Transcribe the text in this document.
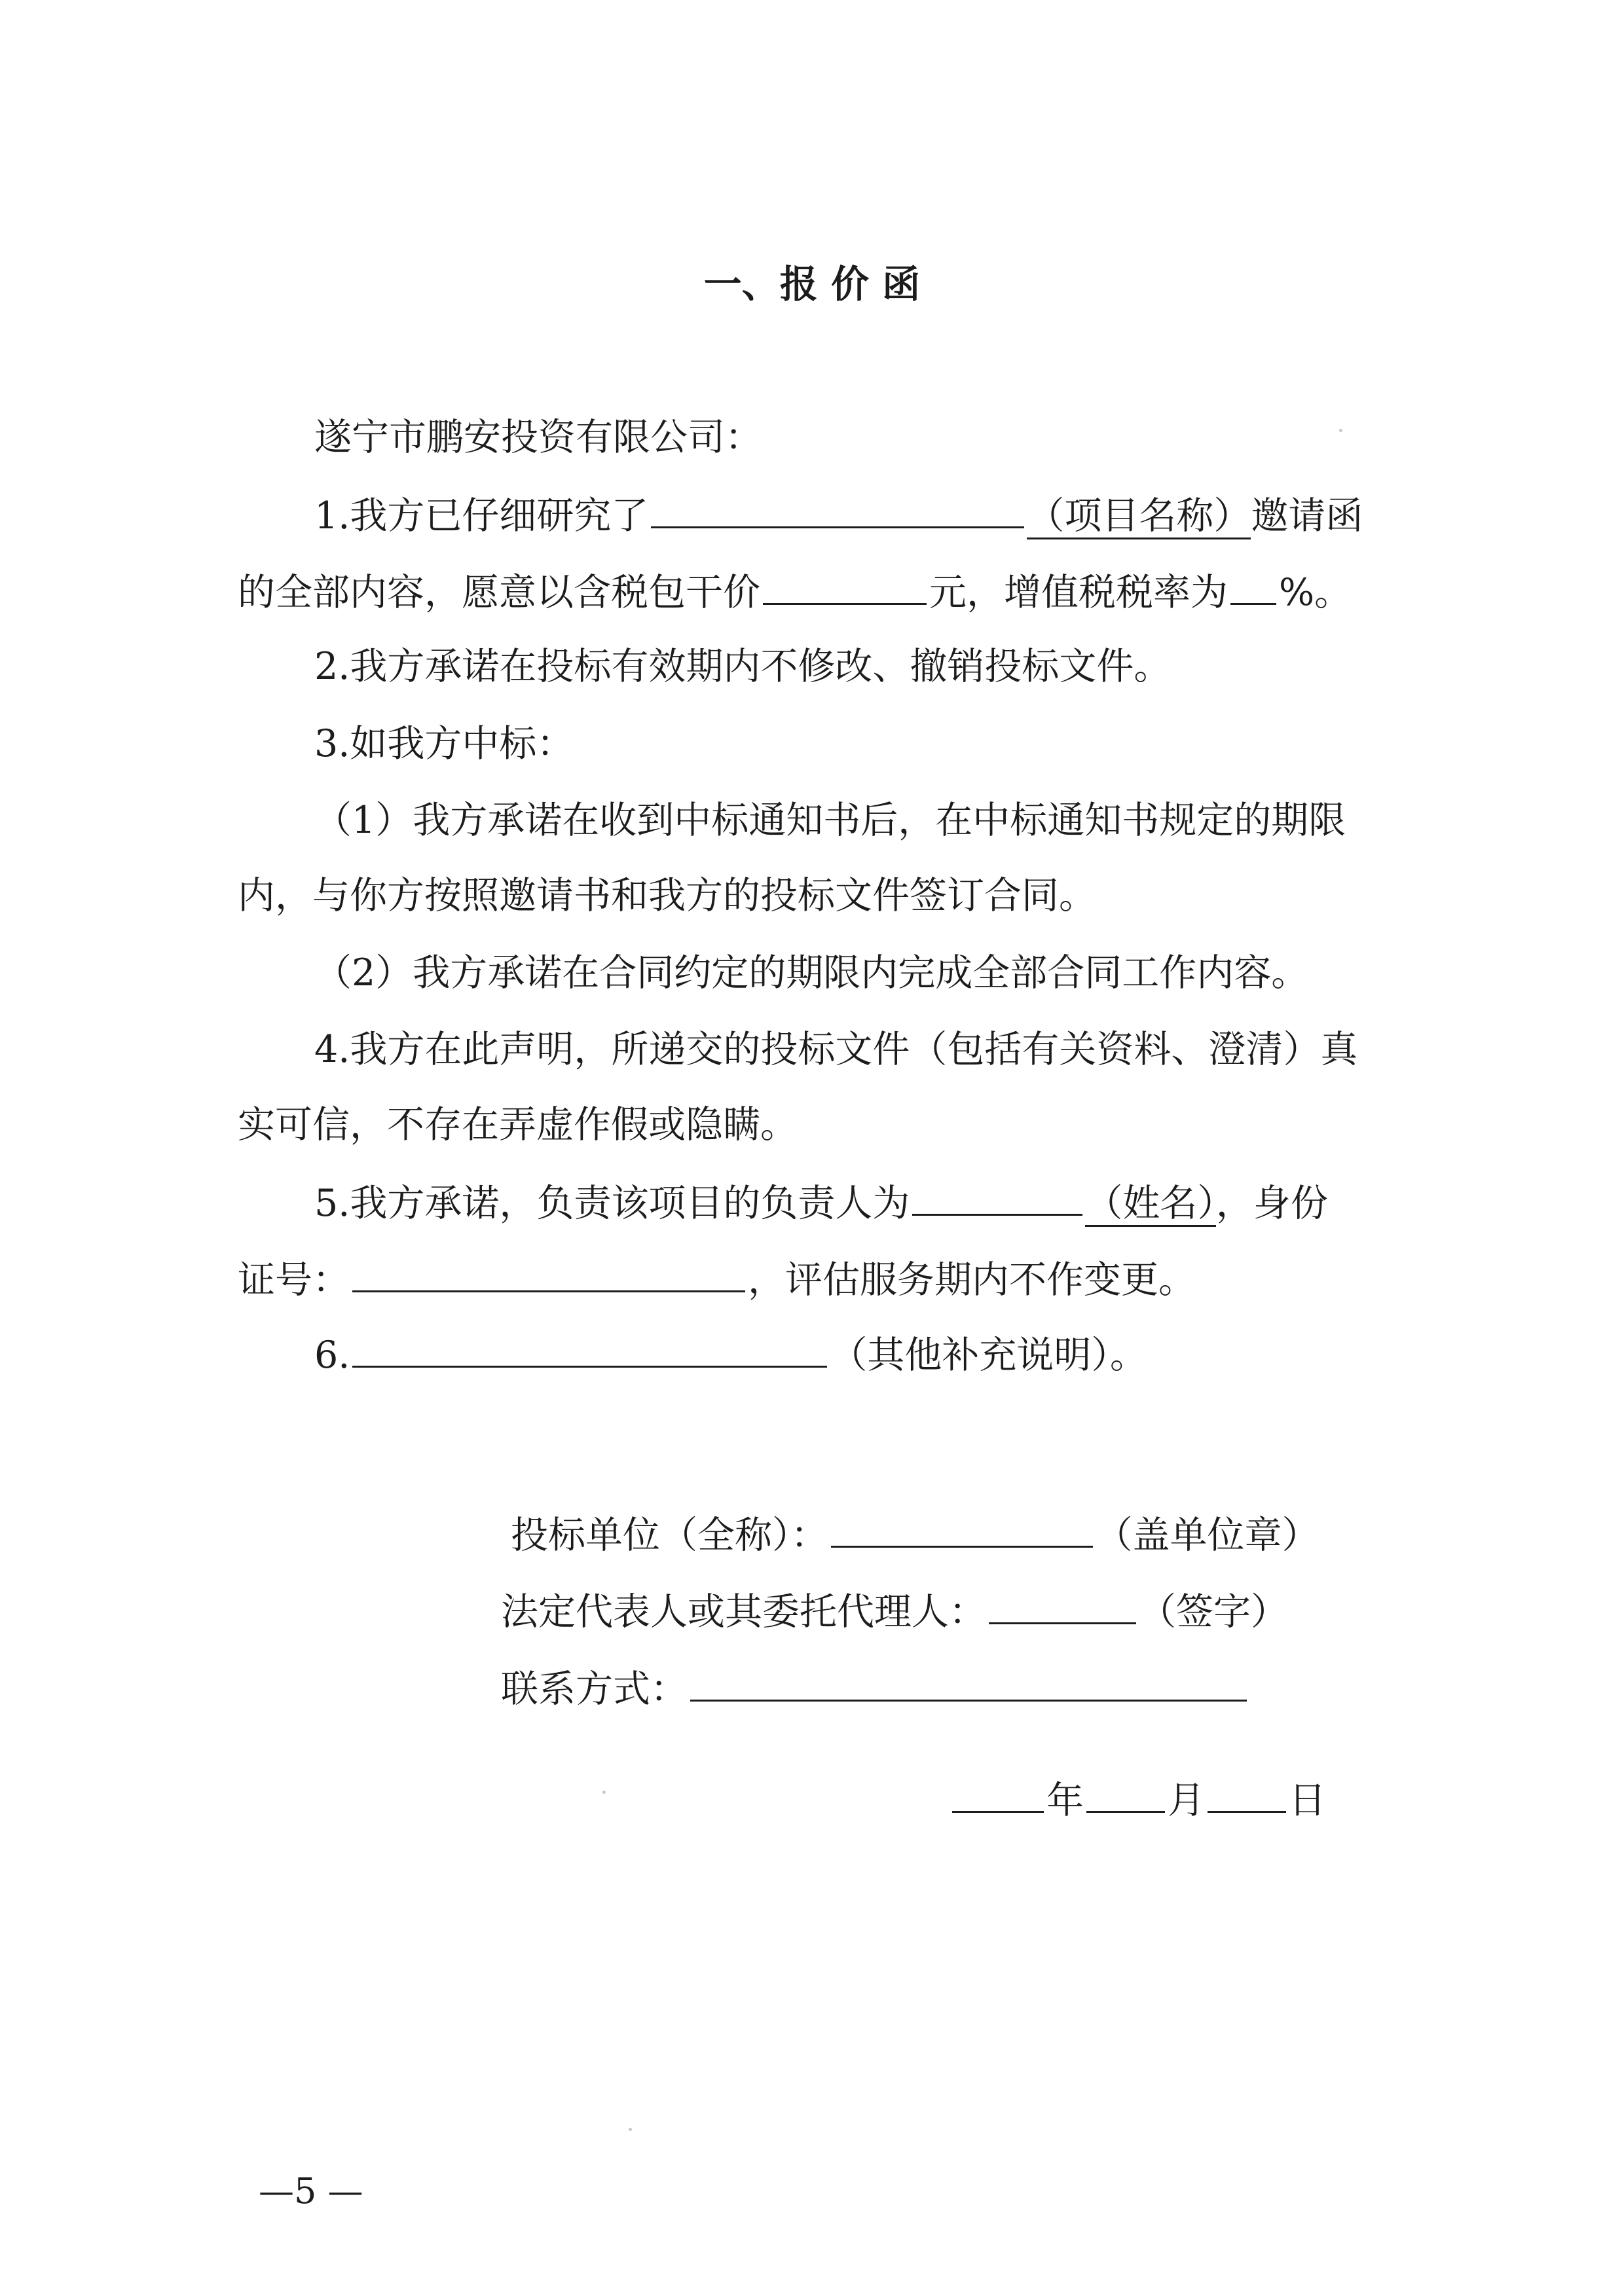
一、报 价 函
遂宁市鹏安投资有限公司：
1.我方已仔细研究了	（项目名称）邀请函
的全部内容，愿意以含税包干价	元，增值税税率为 %。
2.我方承诺在投标有效期内不修改、撤销投标文件。
3.如我方中标：
（1）我方承诺在收到中标通知书后，在中标通知书规定的期限
内，与你方按照邀请书和我方的投标文件签订合同。
（2）我方承诺在合同约定的期限内完成全部合同工作内容。
4.我方在此声明，所递交的投标文件（包括有关资料、澄清）真
实可信，不存在弄虚作假或隐瞒。
5.我方承诺，负责该项目的负责人为	（姓名），身份
证号：	，评估服务期内不作变更。
6.	（其他补充说明）。
投标单位（全称）：	（盖单位章）
法定代表人或其委托代理人：	（签字）
联系方式：
年 月 日
—5 —
